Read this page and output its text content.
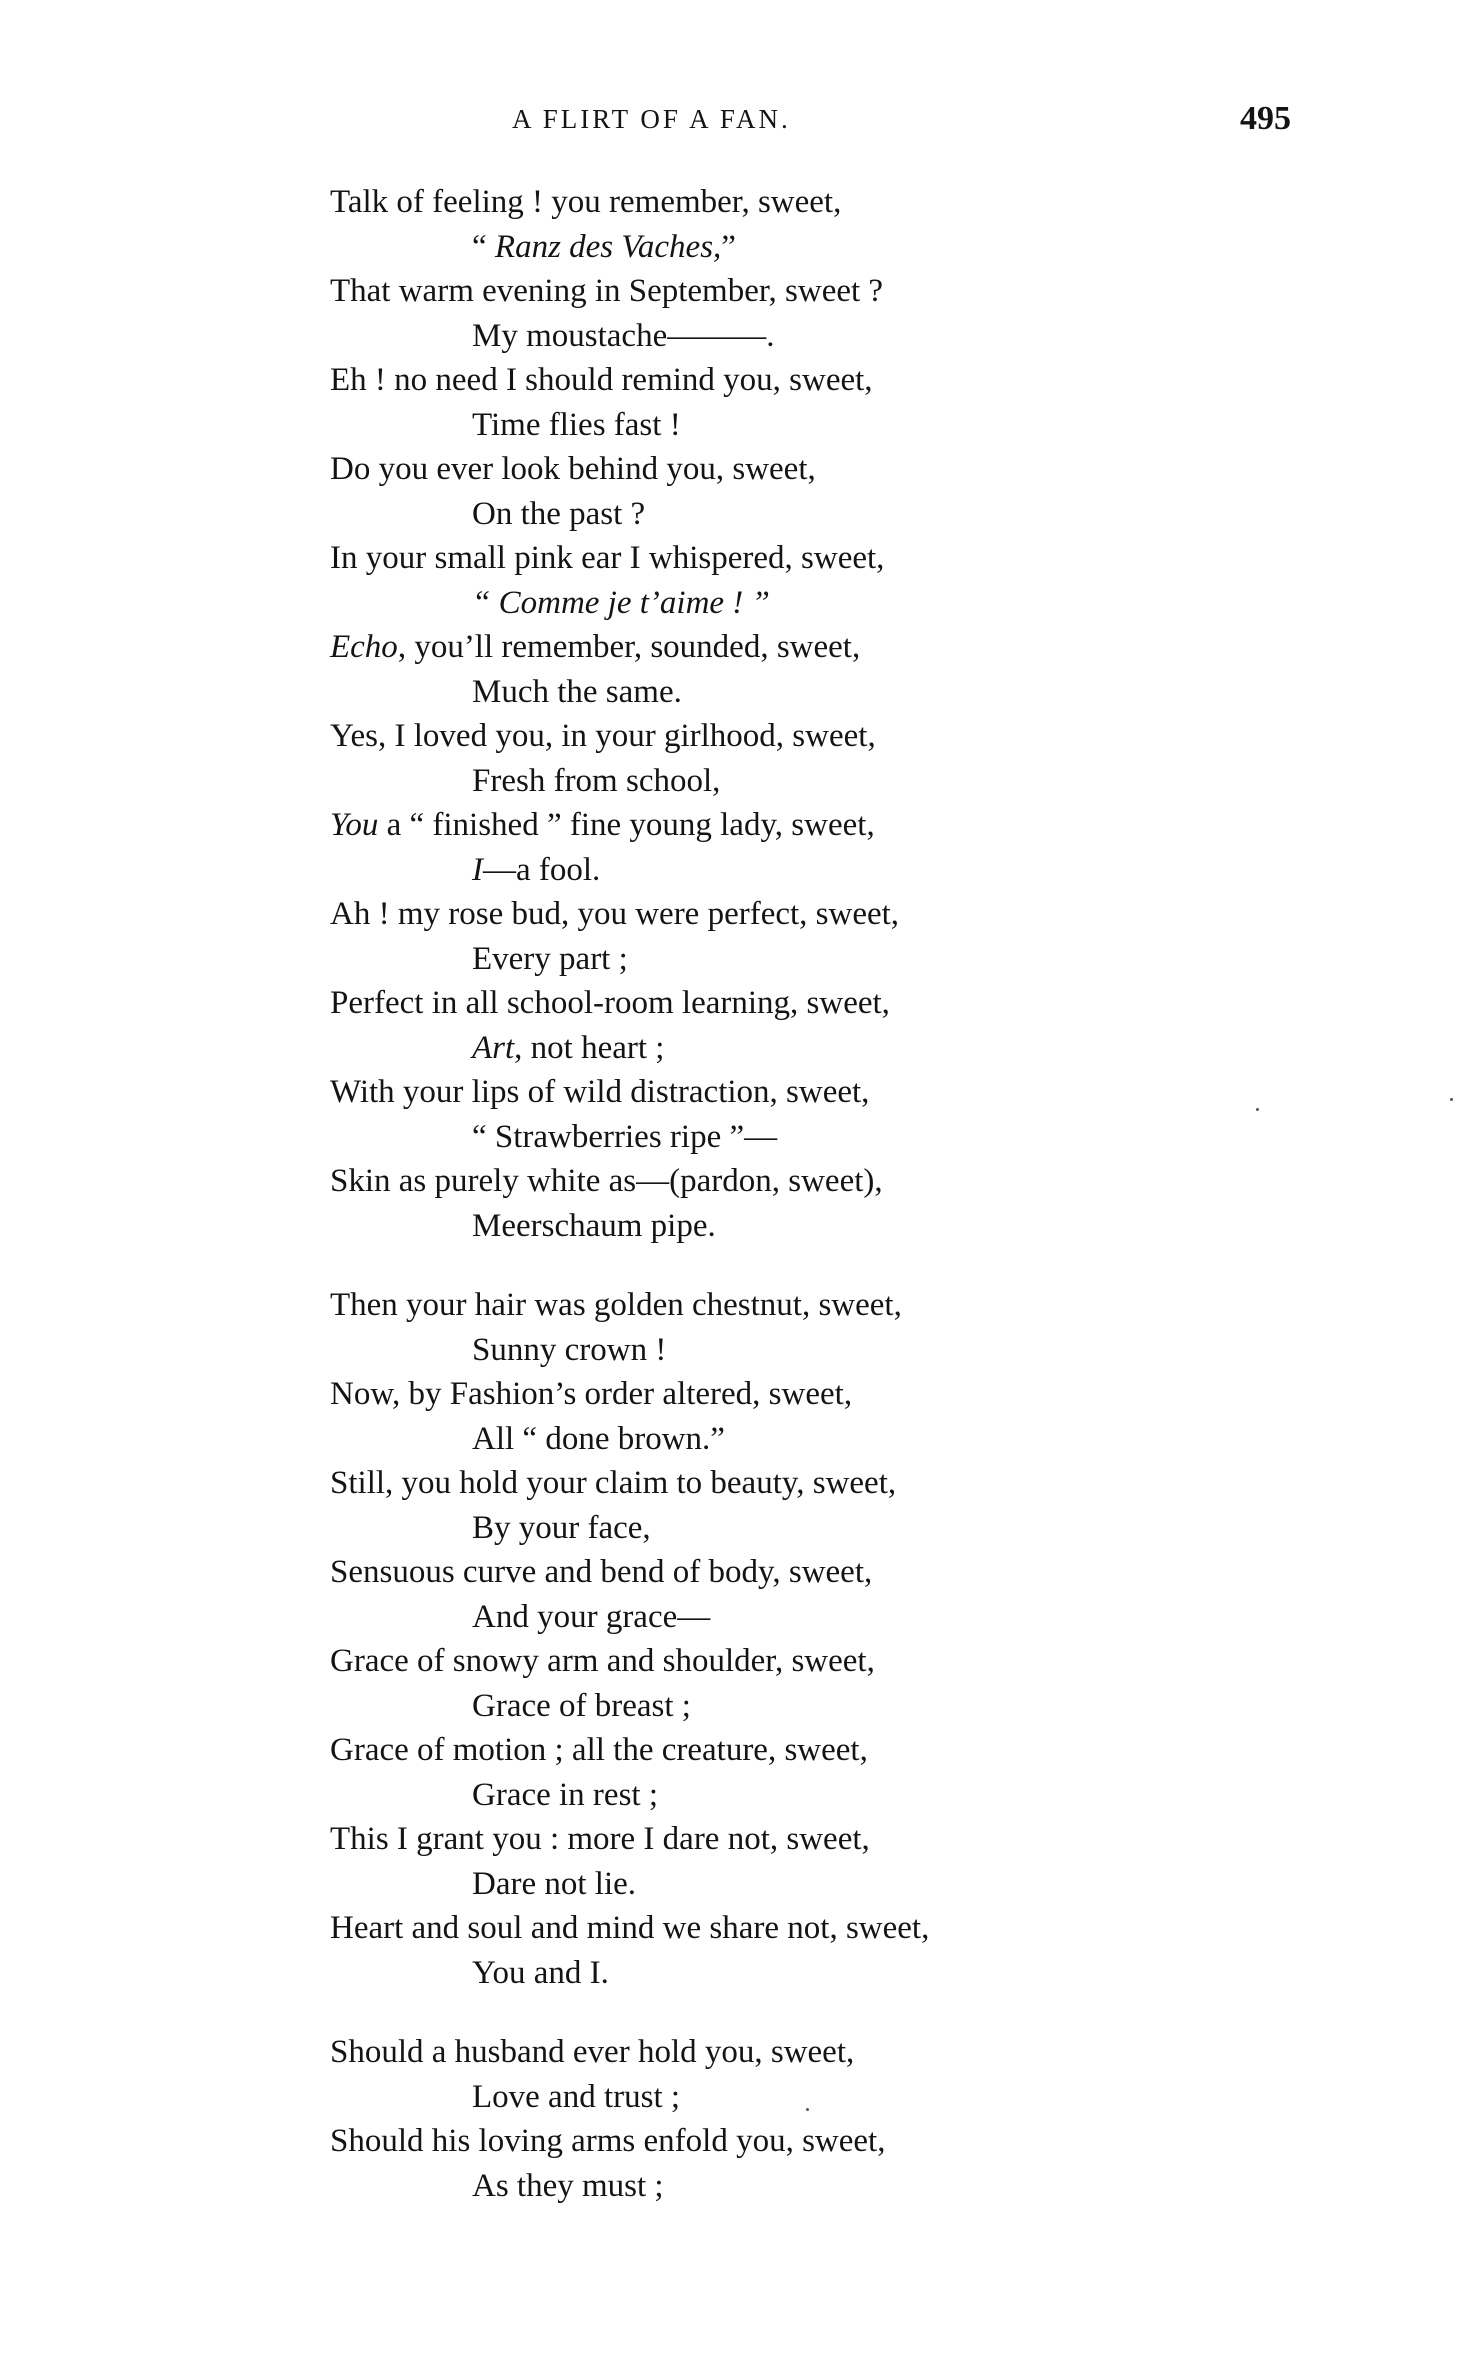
A FLIRT OF A FAN.	495
Talk of feeling ! you remember, sweet,
“ Ranz des Vaches,”
That warm evening in September, sweet ?
My moustache———.
Eh ! no need I should remind you, sweet,
Time flies fast !
Do you ever look behind you, sweet,
On the past ?
In your small pink ear I whispered, sweet,
“ Comme je t’aime ! ”
Echo, you’ll remember, sounded, sweet,
Much the same.
Yes, I loved you, in your girlhood, sweet,
Fresh from school,
You a “ finished ” fine young lady, sweet,
I—a fool.
Ah ! my rose bud, you were perfect, sweet,
Every part ;
Perfect in all school-room learning, sweet,
Art, not heart ;
With your lips of wild distraction, sweet,
“ Strawberries ripe ”—
Skin as purely white as—(pardon, sweet),
Meerschaum pipe.
Then your hair was golden chestnut, sweet,
Sunny crown !
Now, by Fashion’s order altered, sweet,
All “ done brown.”
Still, you hold your claim to beauty, sweet,
By your face,
Sensuous curve and bend of body, sweet,
And your grace—
Grace of snowy arm and shoulder, sweet,
Grace of breast ;
Grace of motion ; all the creature, sweet,
Grace in rest ;
This I grant you : more I dare not, sweet,
Dare not lie.
Heart and soul and mind we share not, sweet,
You and I.
Should a husband ever hold you, sweet,
Love and trust ;
Should his loving arms enfold you, sweet,
As they must ;
